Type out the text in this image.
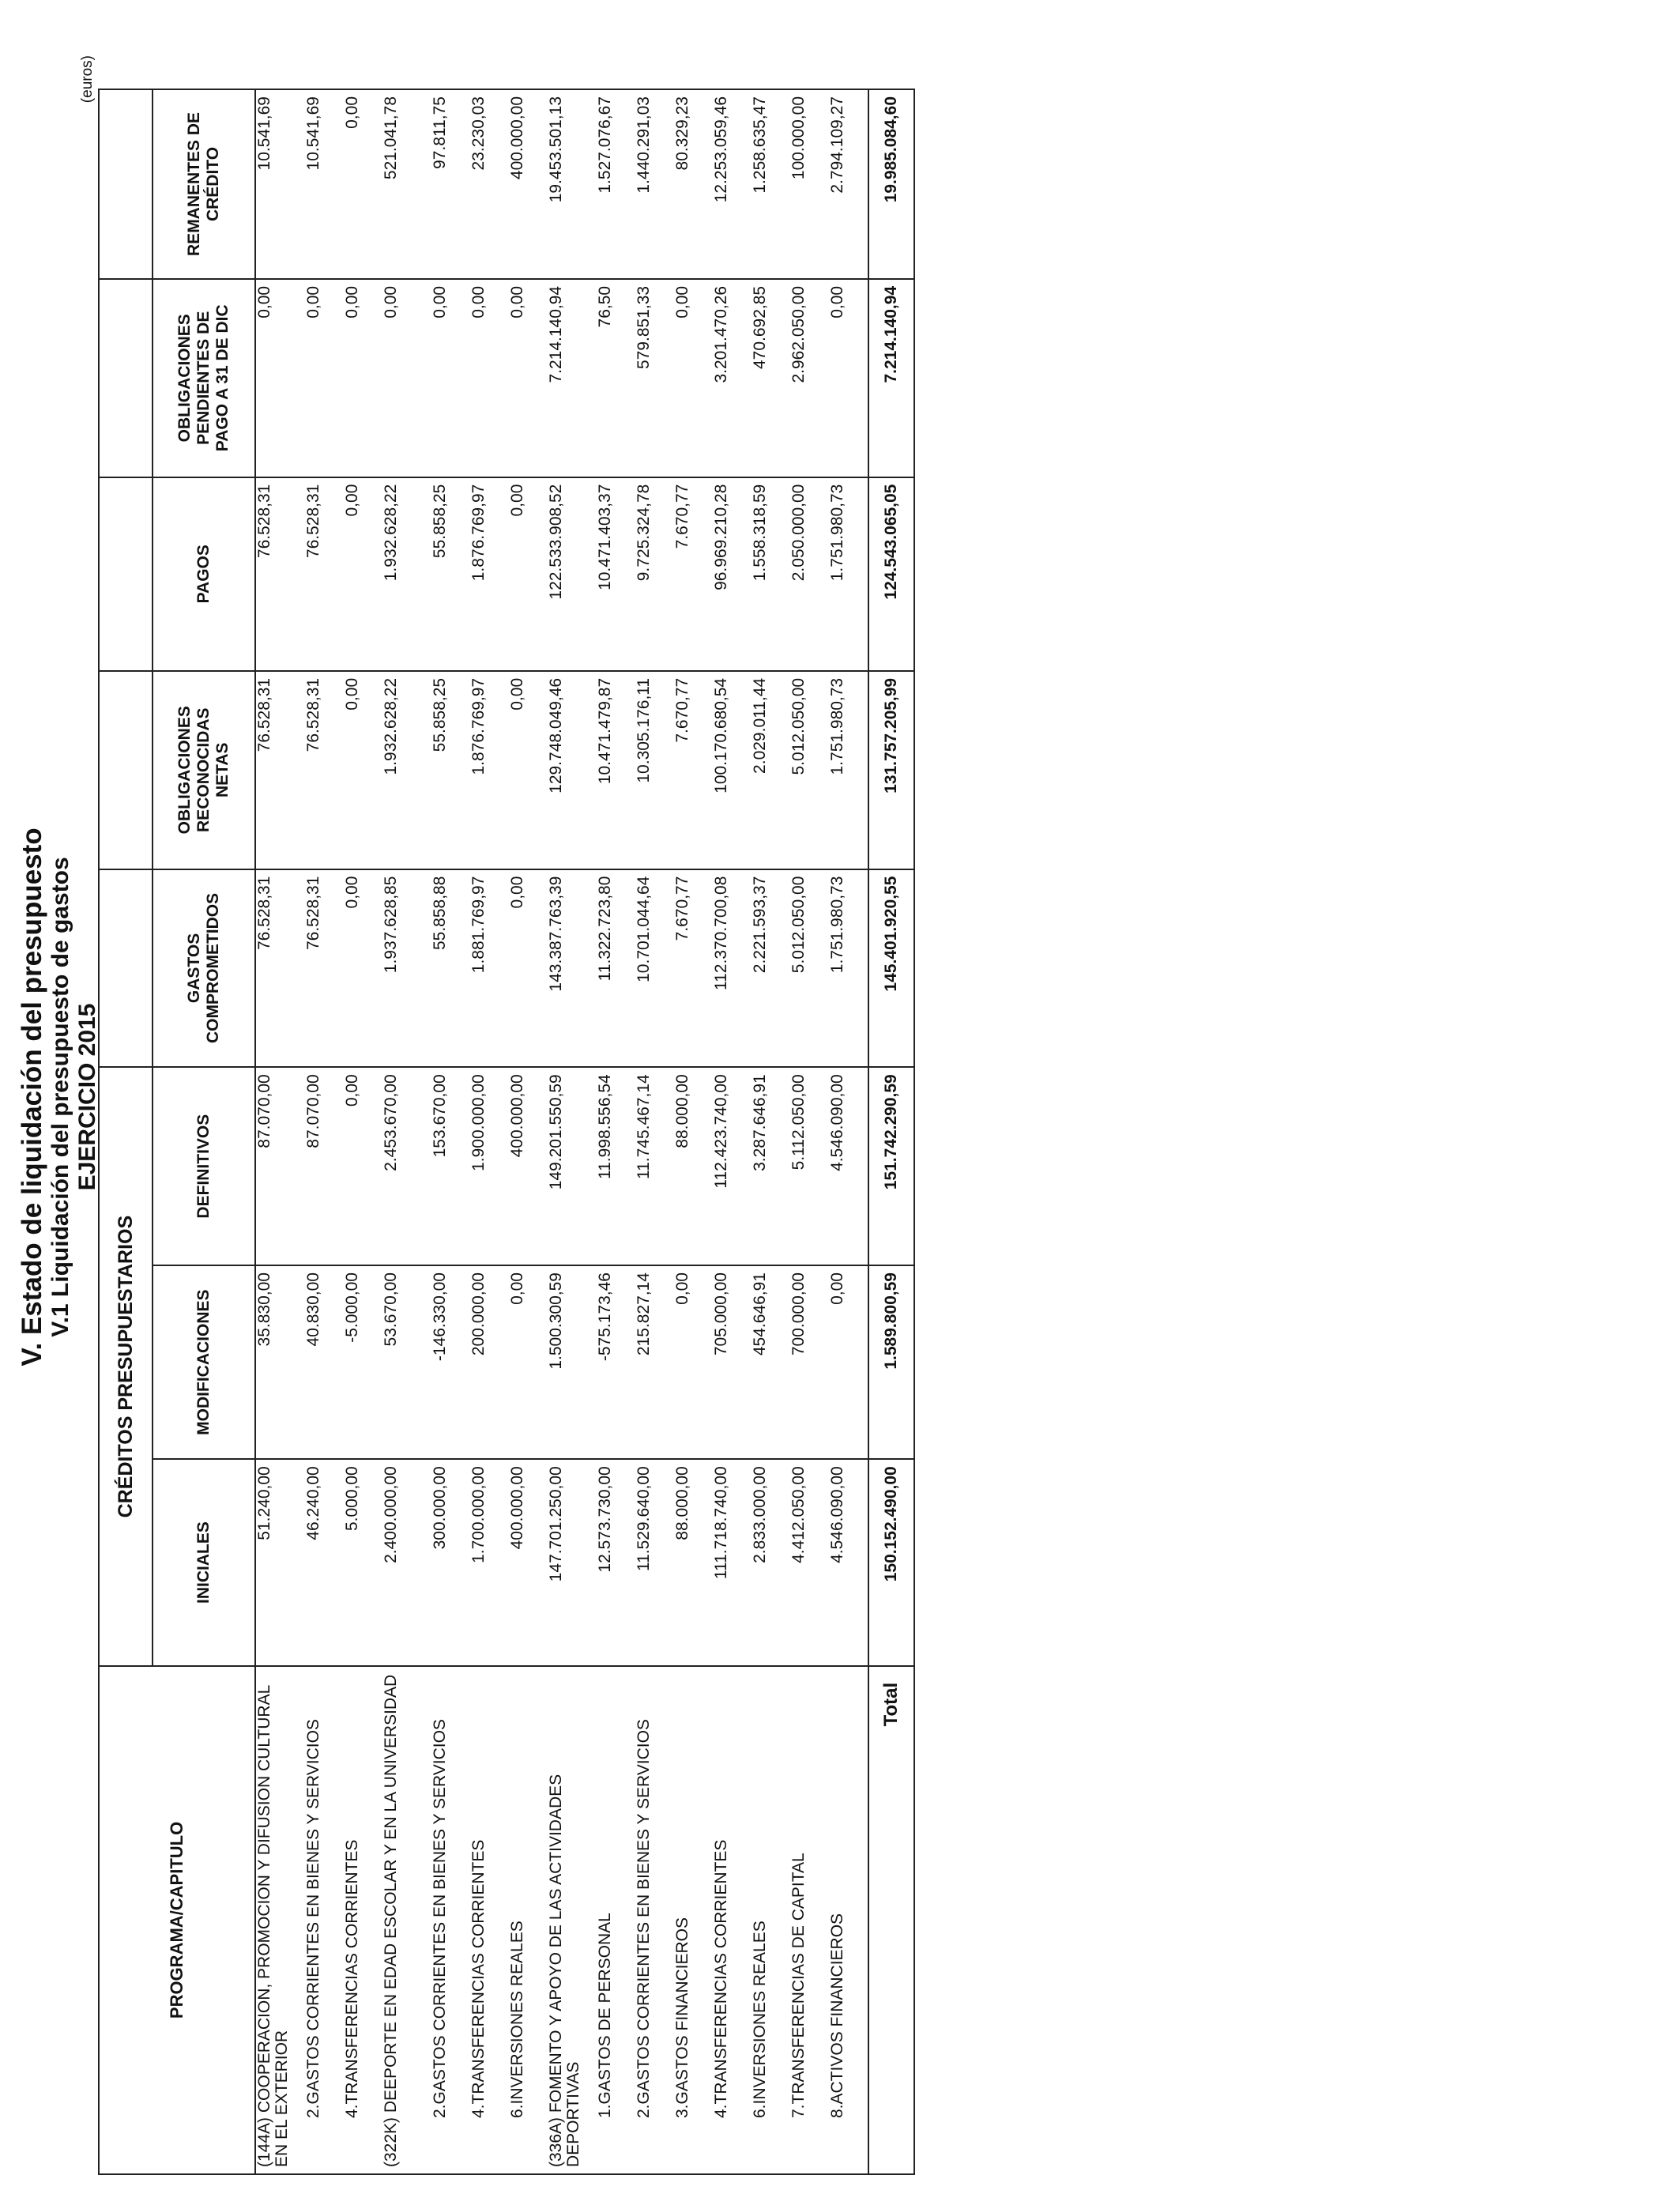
V. Estado de liquidación del presupuesto V.1 Liquidación del presupuesto de gastos EJERCICIO 2015
(euros)
PROGRAMA/CAPITULO	CRÉDITOS PRESUPUESTARIOS							
	INICIALES	MODIFICACIONES	DEFINITIVOS	GASTOS COMPROMETIDOS	OBLIGACIONES RECONOCIDAS NETAS	PAGOS	OBLIGACIONES PENDIENTES DE PAGO A 31 DE DIC	REMANENTES DE CRÉDITO
(144A) COOPERACION, PROMOCION Y DIFUSION CULTURAL EN EL EXTERIOR	51.240,00	35.830,00	87.070,00	76.528,31	76.528,31	76.528,31	0,00	10.541,69
2.GASTOS CORRIENTES EN BIENES Y SERVICIOS	46.240,00	40.830,00	87.070,00	76.528,31	76.528,31	76.528,31	0,00	10.541,69
4.TRANSFERENCIAS CORRIENTES	5.000,00	-5.000,00	0,00	0,00	0,00	0,00	0,00	0,00
(322K) DEEPORTE EN EDAD ESCOLAR Y EN LA UNIVERSIDAD	2.400.000,00	53.670,00	2.453.670,00	1.937.628,85	1.932.628,22	1.932.628,22	0,00	521.041,78
2.GASTOS CORRIENTES EN BIENES Y SERVICIOS	300.000,00	-146.330,00	153.670,00	55.858,88	55.858,25	55.858,25	0,00	97.811,75
4.TRANSFERENCIAS CORRIENTES	1.700.000,00	200.000,00	1.900.000,00	1.881.769,97	1.876.769,97	1.876.769,97	0,00	23.230,03
6.INVERSIONES REALES	400.000,00	0,00	400.000,00	0,00	0,00	0,00	0,00	400.000,00
(336A) FOMENTO Y APOYO DE LAS ACTIVIDADES DEPORTIVAS	147.701.250,00	1.500.300,59	149.201.550,59	143.387.763,39	129.748.049,46	122.533.908,52	7.214.140,94	19.453.501,13
1.GASTOS DE PERSONAL	12.573.730,00	-575.173,46	11.998.556,54	11.322.723,80	10.471.479,87	10.471.403,37	76,50	1.527.076,67
2.GASTOS CORRIENTES EN BIENES Y SERVICIOS	11.529.640,00	215.827,14	11.745.467,14	10.701.044,64	10.305.176,11	9.725.324,78	579.851,33	1.440.291,03
3.GASTOS FINANCIEROS	88.000,00	0,00	88.000,00	7.670,77	7.670,77	7.670,77	0,00	80.329,23
4.TRANSFERENCIAS CORRIENTES	111.718.740,00	705.000,00	112.423.740,00	112.370.700,08	100.170.680,54	96.969.210,28	3.201.470,26	12.253.059,46
6.INVERSIONES REALES	2.833.000,00	454.646,91	3.287.646,91	2.221.593,37	2.029.011,44	1.558.318,59	470.692,85	1.258.635,47
7.TRANSFERENCIAS DE CAPITAL	4.412.050,00	700.000,00	5.112.050,00	5.012.050,00	5.012.050,00	2.050.000,00	2.962.050,00	100.000,00
8.ACTIVOS FINANCIEROS	4.546.090,00	0,00	4.546.090,00	1.751.980,73	1.751.980,73	1.751.980,73	0,00	2.794.109,27
Total	150.152.490,00	1.589.800,59	151.742.290,59	145.401.920,55	131.757.205,99	124.543.065,05	7.214.140,94	19.985.084,60
